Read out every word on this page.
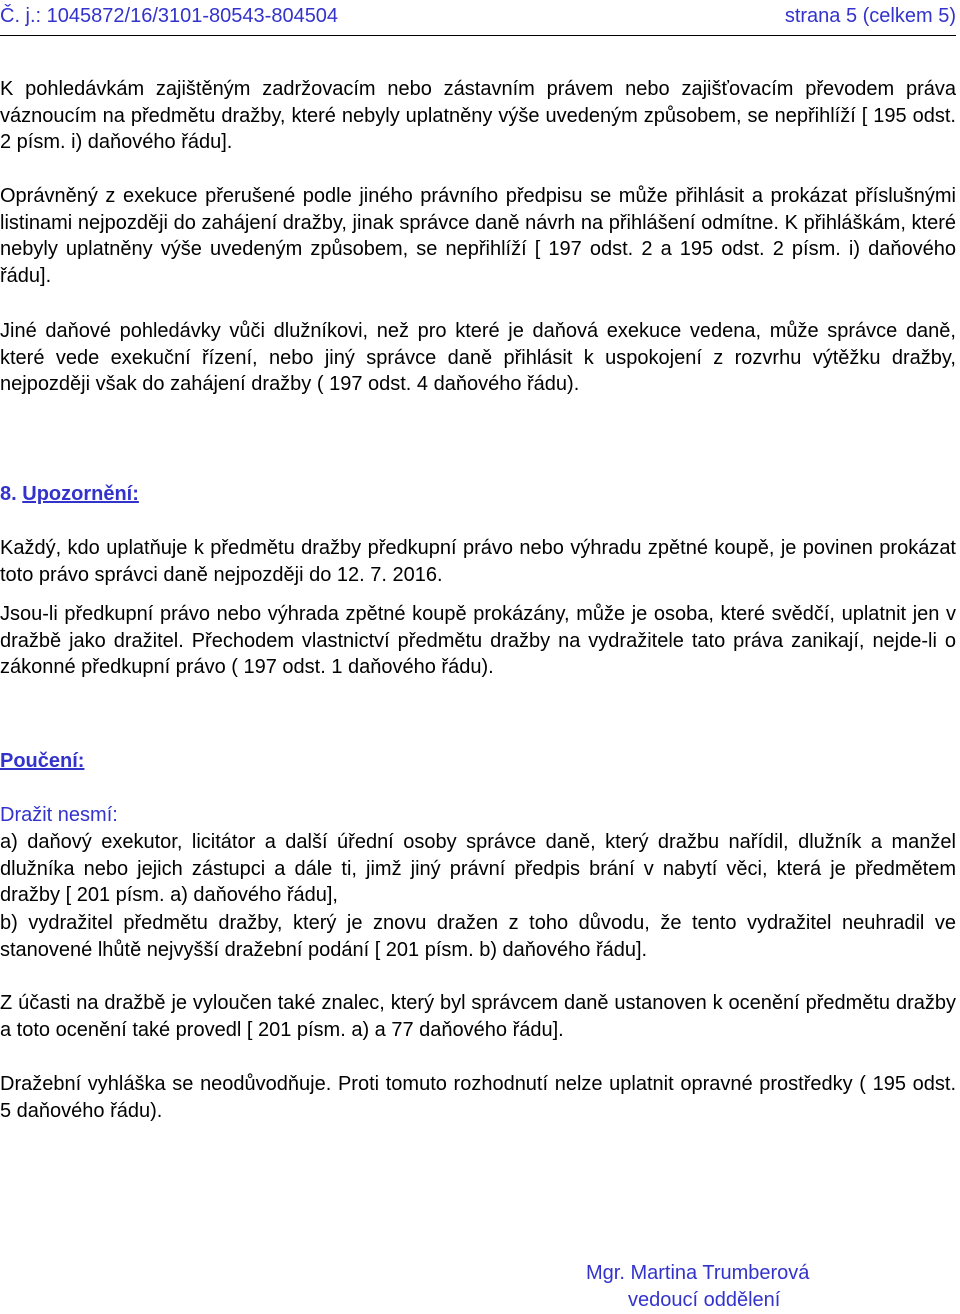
Č. j.: 1045872/16/3101-80543-804504	strana 5 (celkem 5)
K pohledávkám zajištěným zadržovacím nebo zástavním právem nebo zajišťovacím převodem práva váznoucím na předmětu dražby, které nebyly uplatněny výše uvedeným způsobem, se nepřihlíží [ 195 odst. 2 písm. i) daňového řádu].
Oprávněný z exekuce přerušené podle jiného právního předpisu se může přihlásit a prokázat příslušnými listinami nejpozději do zahájení dražby, jinak správce daně návrh na přihlášení odmítne. K přihláškám, které nebyly uplatněny výše uvedeným způsobem, se nepřihlíží [ 197 odst. 2 a 195 odst. 2 písm. i) daňového řádu].
Jiné daňové pohledávky vůči dlužníkovi, než pro které je daňová exekuce vedena, může správce daně, které vede exekuční řízení, nebo jiný správce daně přihlásit k uspokojení z rozvrhu výtěžku dražby, nejpozději však do zahájení dražby ( 197 odst. 4 daňového řádu).
8. Upozornění:
Každý, kdo uplatňuje k předmětu dražby předkupní právo nebo výhradu zpětné koupě, je povinen prokázat toto právo správci daně nejpozději do 12. 7. 2016.
Jsou-li předkupní právo nebo výhrada zpětné koupě prokázány, může je osoba, které svědčí, uplatnit jen v dražbě jako dražitel. Přechodem vlastnictví předmětu dražby na vydražitele tato práva zanikají, nejde-li o zákonné předkupní právo ( 197 odst. 1 daňového řádu).
Poučení:
Dražit nesmí:
a) daňový exekutor, licitátor a další úřední osoby správce daně, který dražbu nařídil, dlužník a manžel dlužníka nebo jejich zástupci a dále ti, jimž jiný právní předpis brání v nabytí věci, která je předmětem dražby [ 201 písm. a) daňového řádu],
b) vydražitel předmětu dražby, který je znovu dražen z toho důvodu, že tento vydražitel neuhradil ve stanovené lhůtě nejvyšší dražební podání [ 201 písm. b) daňového řádu].
Z účasti na dražbě je vyloučen také znalec, který byl správcem daně ustanoven k ocenění předmětu dražby a toto ocenění také provedl [ 201 písm. a) a 77 daňového řádu].
Dražební vyhláška se neodůvodňuje. Proti tomuto rozhodnutí nelze uplatnit opravné prostředky ( 195 odst. 5 daňového řádu).
Mgr. Martina Trumberová
vedoucí oddělení
